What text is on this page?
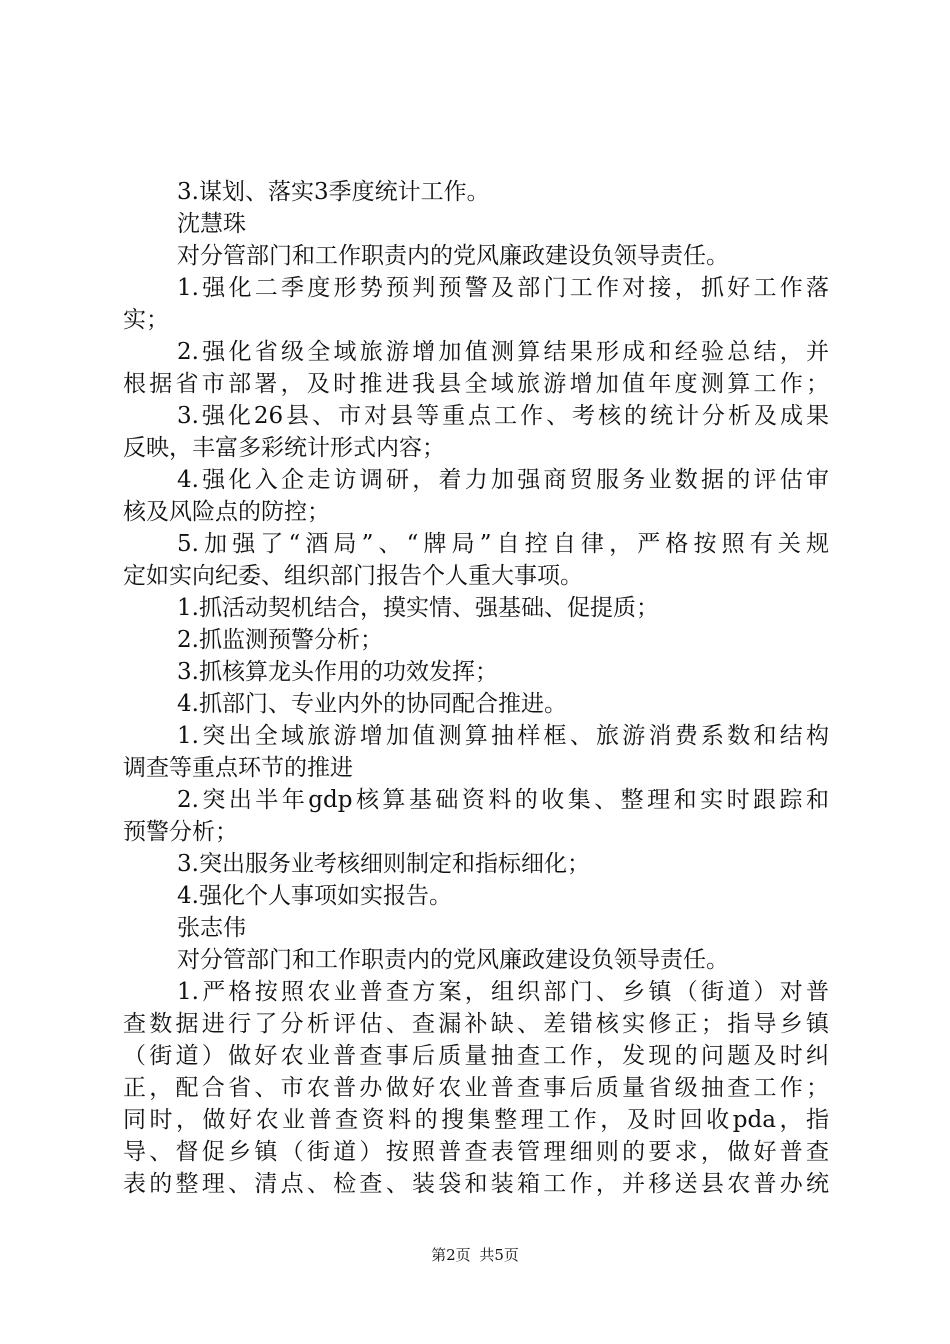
3.谋划、落实3季度统计工作。
沈慧珠
对分管部门和工作职责内的党风廉政建设负领导责任。
1.强化二季度形势预判预警及部门工作对接，抓好工作落
实；
2.强化省级全域旅游增加值测算结果形成和经验总结，并
根据省市部署，及时推进我县全域旅游增加值年度测算工作；
3.强化26县、市对县等重点工作、考核的统计分析及成果
反映，丰富多彩统计形式内容；
4.强化入企走访调研，着力加强商贸服务业数据的评估审
核及风险点的防控；
5.加强了“酒局”、“牌局”自控自律，严格按照有关规
定如实向纪委、组织部门报告个人重大事项。
1.抓活动契机结合，摸实情、强基础、促提质；
2.抓监测预警分析；
3.抓核算龙头作用的功效发挥；
4.抓部门、专业内外的协同配合推进。
1.突出全域旅游增加值测算抽样框、旅游消费系数和结构
调查等重点环节的推进
2.突出半年gdp核算基础资料的收集、整理和实时跟踪和
预警分析；
3.突出服务业考核细则制定和指标细化；
4.强化个人事项如实报告。
张志伟
对分管部门和工作职责内的党风廉政建设负领导责任。
1.严格按照农业普查方案，组织部门、乡镇（街道）对普
查数据进行了分析评估、查漏补缺、差错核实修正；指导乡镇
（街道）做好农业普查事后质量抽查工作，发现的问题及时纠
正，配合省、市农普办做好农业普查事后质量省级抽查工作；
同时，做好农业普查资料的搜集整理工作，及时回收pda，指
导、督促乡镇（街道）按照普查表管理细则的要求，做好普查
表的整理、清点、检查、装袋和装箱工作，并移送县农普办统
第2页 共5页
